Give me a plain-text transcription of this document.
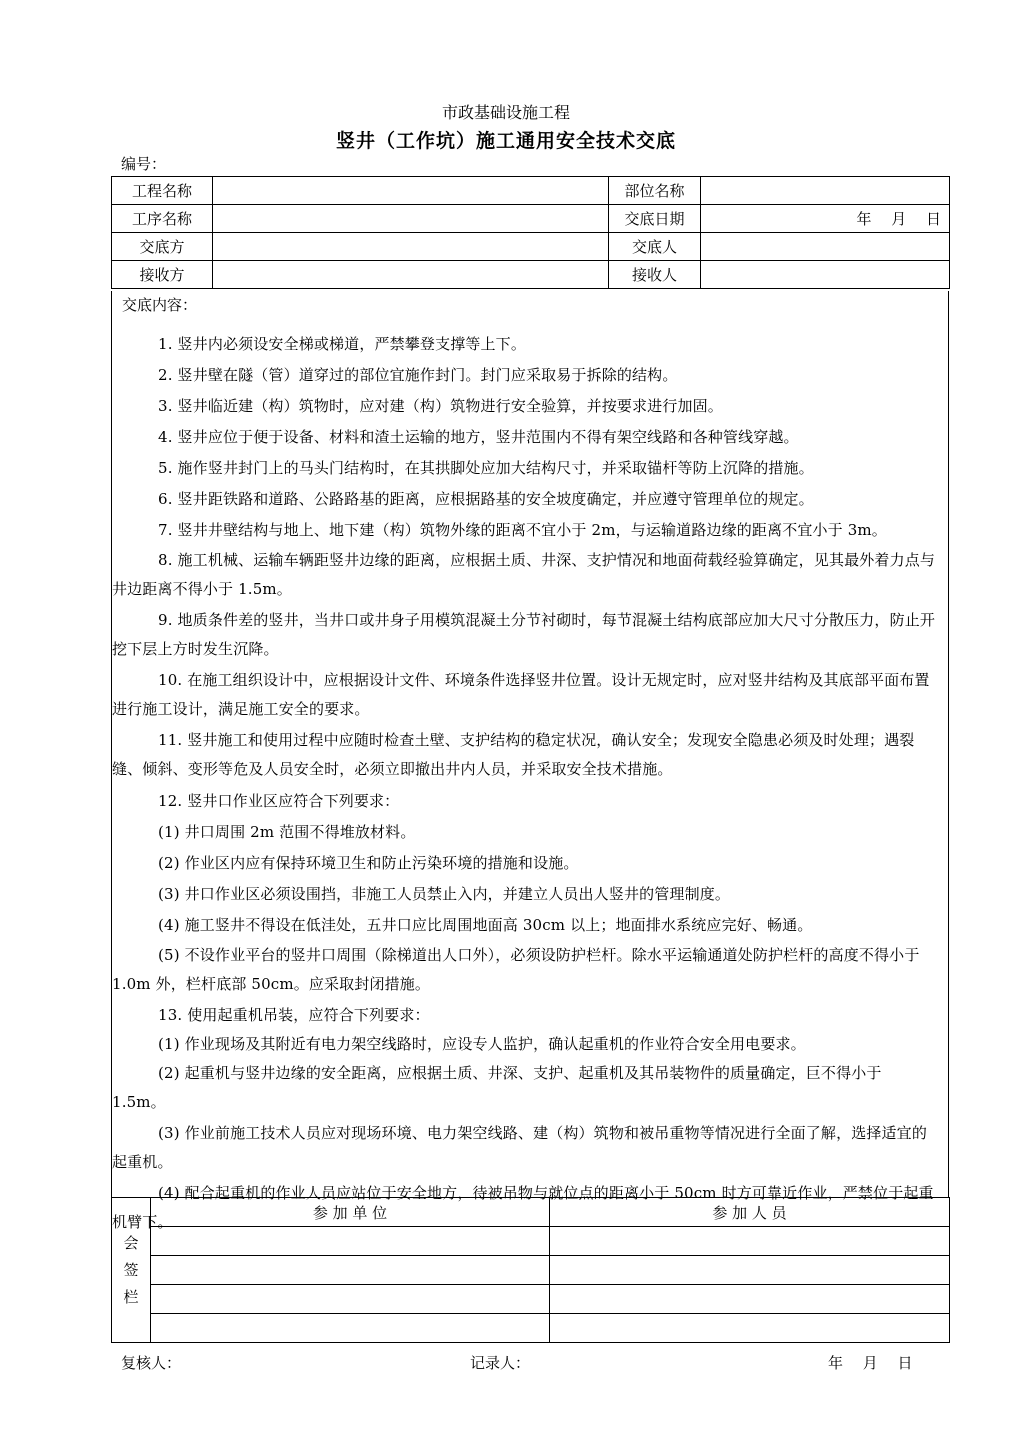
市政基础设施工程
竖井（工作坑）施工通用安全技术交底
编号：
工程名称		部位名称	
工序名称		交底日期	年　 月　 日
交底方		交底人	
接收方		接收人	
交底内容：

1. 竖井内必须设安全梯或梯道，严禁攀登支撑等上下。

2. 竖井壁在隧（管）道穿过的部位宜施作封门。封门应采取易于拆除的结构。

3. 竖井临近建（构）筑物时，应对建（构）筑物进行安全验算，并按要求进行加固。

4. 竖井应位于便于设备、材料和渣土运输的地方，竖井范围内不得有架空线路和各种管线穿越。

5. 施作竖井封门上的马头门结构时，在其拱脚处应加大结构尺寸，并采取锚杆等防上沉降的措施。

6. 竖井距铁路和道路、公路路基的距离，应根据路基的安全坡度确定，并应遵守管理单位的规定。

7. 竖井井壁结构与地上、地下建（构）筑物外缘的距离不宜小于 2m，与运输道路边缘的距离不宜小于 3m。

8. 施工机械、运输车辆距竖井边缘的距离，应根据土质、井深、支护情况和地面荷载经验算确定，见其最外着力点与井边距离不得小于 1.5m。

9. 地质条件差的竖井，当井口或井身子用模筑混凝土分节衬砌时，每节混凝土结构底部应加大尺寸分散压力，防止开挖下层上方时发生沉降。

10. 在施工组织设计中，应根据设计文件、环境条件选择竖井位置。设计无规定时，应对竖井结构及其底部平面布置进行施工设计，满足施工安全的要求。

11. 竖井施工和使用过程中应随时检查土壁、支护结构的稳定状况，确认安全；发现安全隐患必须及时处理；遇裂缝、倾斜、变形等危及人员安全时，必须立即撤出井内人员，并采取安全技术措施。

12. 竖井口作业区应符合下列要求：

(1) 井口周围 2m 范围不得堆放材料。

(2) 作业区内应有保持环境卫生和防止污染环境的措施和设施。

(3) 井口作业区必须设围挡，非施工人员禁止入内，并建立人员出人竖井的管理制度。

(4) 施工竖井不得设在低洼处，五井口应比周围地面高 30cm 以上；地面排水系统应完好、畅通。

(5) 不设作业平台的竖井口周围（除梯道出人口外），必须设防护栏杆。除水平运输通道处防护栏杆的高度不得小于 1.0m 外，栏杆底部 50cm。应采取封闭措施。

13. 使用起重机吊装，应符合下列要求：

(1) 作业现场及其附近有电力架空线路时，应设专人监护，确认起重机的作业符合安全用电要求。

(2) 起重机与竖井边缘的安全距离，应根据土质、井深、支护、起重机及其吊装物件的质量确定，巨不得小于 1.5m。

(3) 作业前施工技术人员应对现场环境、电力架空线路、建（构）筑物和被吊重物等情况进行全面了解，选择适宜的起重机。

(4) 配合起重机的作业人员应站位于安全地方，待被吊物与就位点的距离小于 50cm 时方可靠近作业，严禁位于起重机臂下。

会
签
栏	参 加 单 位	参 加 人 员

复核人：	记录人：	年　 月　 日
